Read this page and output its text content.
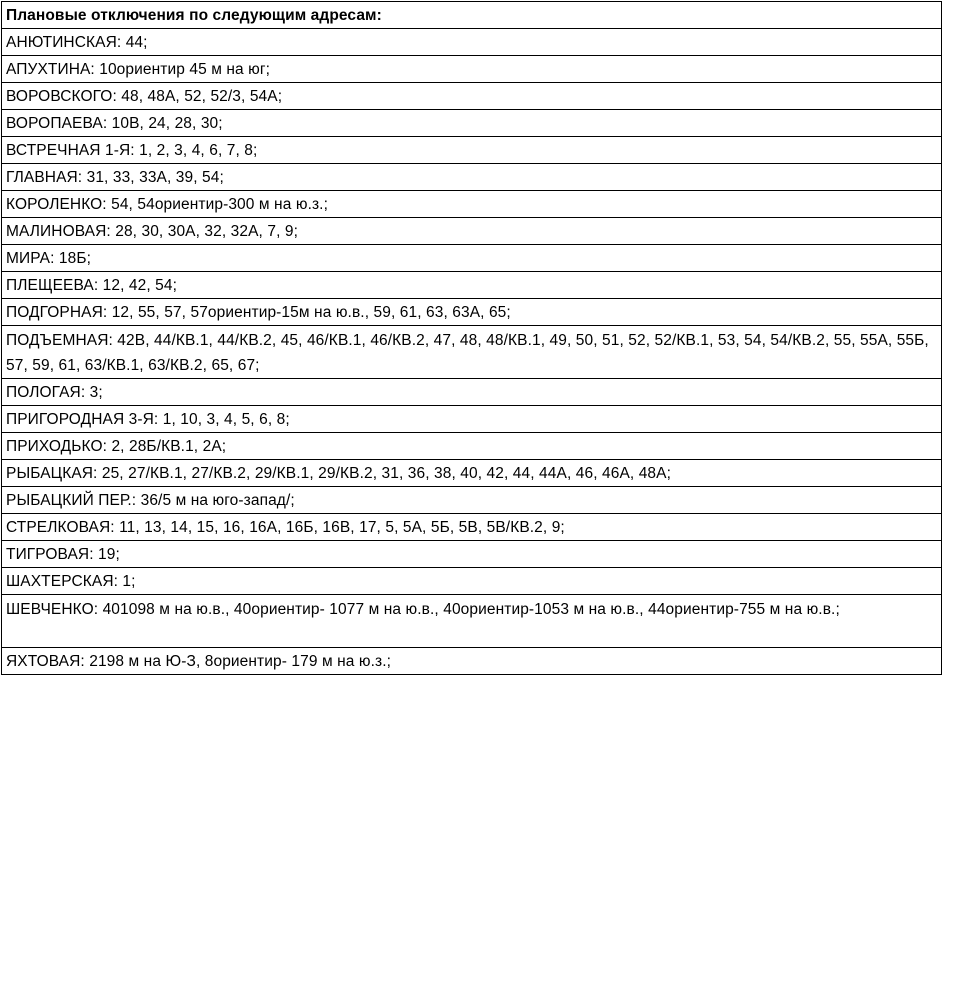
Плановые отключения по следующим адресам:
АНЮТИНСКАЯ: 44;
АПУХТИНА: 10ориентир 45 м на юг;
ВОРОВСКОГО: 48, 48А, 52, 52/3, 54А;
ВОРОПАЕВА: 10В, 24, 28, 30;
ВСТРЕЧНАЯ 1-Я: 1, 2, 3, 4, 6, 7, 8;
ГЛАВНАЯ: 31, 33, 33А, 39, 54;
КОРОЛЕНКО: 54, 54ориентир-300 м на ю.з.;
МАЛИНОВАЯ: 28, 30, 30А, 32, 32А, 7, 9;
МИРА: 18Б;
ПЛЕЩЕЕВА: 12, 42, 54;
ПОДГОРНАЯ: 12, 55, 57, 57ориентир-15м на ю.в., 59, 61, 63, 63А, 65;
ПОДЪЕМНАЯ: 42В, 44/КВ.1, 44/КВ.2, 45, 46/КВ.1, 46/КВ.2, 47, 48, 48/КВ.1, 49, 50, 51, 52, 52/КВ.1, 53, 54, 54/КВ.2, 55, 55А, 55Б, 57, 59, 61, 63/КВ.1, 63/КВ.2, 65, 67;
ПОЛОГАЯ: 3;
ПРИГОРОДНАЯ 3-Я: 1, 10, 3, 4, 5, 6, 8;
ПРИХОДЬКО: 2, 28Б/КВ.1, 2А;
РЫБАЦКАЯ: 25, 27/КВ.1, 27/КВ.2, 29/КВ.1, 29/КВ.2, 31, 36, 38, 40, 42, 44, 44А, 46, 46А, 48А;
РЫБАЦКИЙ ПЕР.: 36/5 м на юго-запад/;
СТРЕЛКОВАЯ: 11, 13, 14, 15, 16, 16А, 16Б, 16В, 17, 5, 5А, 5Б, 5В, 5В/КВ.2, 9;
ТИГРОВАЯ: 19;
ШАХТЕРСКАЯ: 1;
ШЕВЧЕНКО: 401098 м на ю.в., 40ориентир- 1077 м на ю.в., 40ориентир-1053 м на ю.в., 44ориентир-755 м на ю.в.;
ЯХТОВАЯ: 2198 м на Ю-З, 8ориентир- 179 м на ю.з.;
